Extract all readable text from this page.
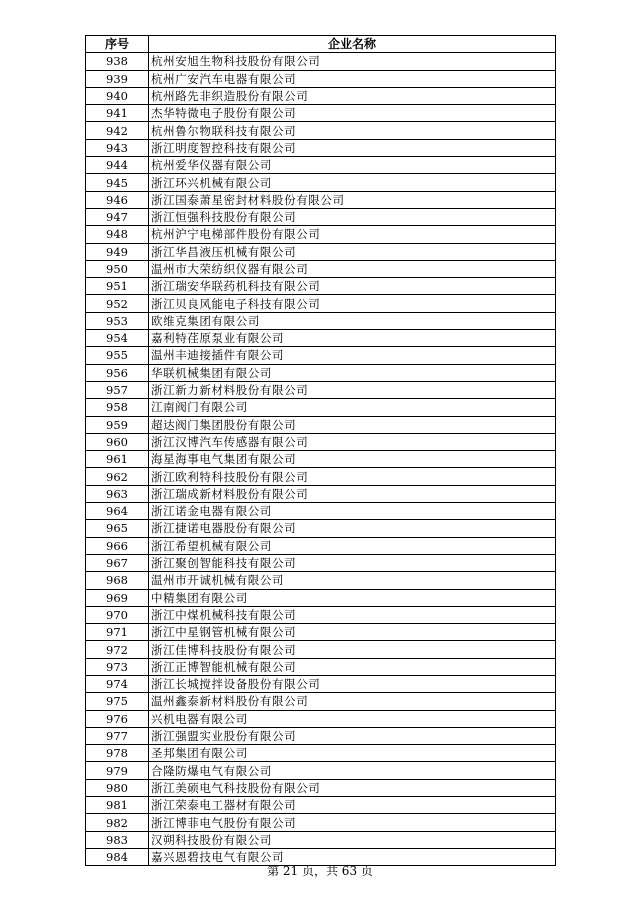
序号	企业名称
938	杭州安旭生物科技股份有限公司
939	杭州广安汽车电器有限公司
940	杭州路先非织造股份有限公司
941	杰华特微电子股份有限公司
942	杭州鲁尔物联科技有限公司
943	浙江明度智控科技有限公司
944	杭州爱华仪器有限公司
945	浙江环兴机械有限公司
946	浙江国泰萧星密封材料股份有限公司
947	浙江恒强科技股份有限公司
948	杭州沪宁电梯部件股份有限公司
949	浙江华昌液压机械有限公司
950	温州市大荣纺织仪器有限公司
951	浙江瑞安华联药机科技有限公司
952	浙江贝良风能电子科技有限公司
953	欧维克集团有限公司
954	嘉利特荏原泵业有限公司
955	温州丰迪接插件有限公司
956	华联机械集团有限公司
957	浙江新力新材料股份有限公司
958	江南阀门有限公司
959	超达阀门集团股份有限公司
960	浙江汉博汽车传感器有限公司
961	海星海事电气集团有限公司
962	浙江欧利特科技股份有限公司
963	浙江瑞成新材料股份有限公司
964	浙江诺金电器有限公司
965	浙江捷诺电器股份有限公司
966	浙江希望机械有限公司
967	浙江聚创智能科技有限公司
968	温州市开诚机械有限公司
969	中精集团有限公司
970	浙江中煤机械科技有限公司
971	浙江中星钢管机械有限公司
972	浙江佳博科技股份有限公司
973	浙江正博智能机械有限公司
974	浙江长城搅拌设备股份有限公司
975	温州鑫泰新材料股份有限公司
976	兴机电器有限公司
977	浙江强盟实业股份有限公司
978	圣邦集团有限公司
979	合隆防爆电气有限公司
980	浙江美硕电气科技股份有限公司
981	浙江荣泰电工器材有限公司
982	浙江博菲电气股份有限公司
983	汉朔科技股份有限公司
984	嘉兴恩碧技电气有限公司
第 21 页，共 63 页
